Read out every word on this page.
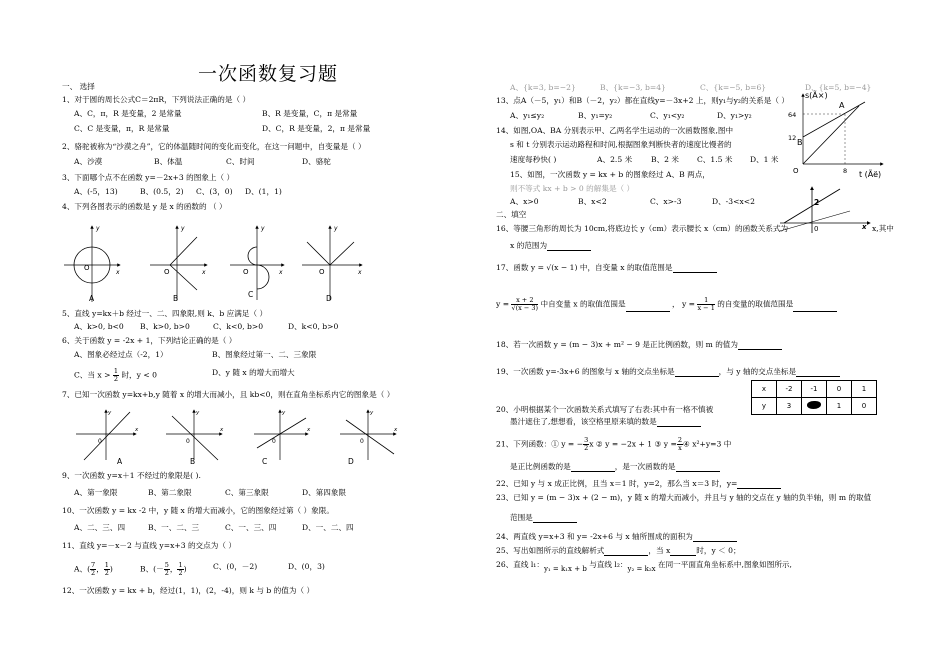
一次函数复习题
一、 选择
1、对于圆的周长公式C＝2πR，下列说法正确的是（ ）
A、C，π，R 是变量，2 是常量	B、R 是变量，C，π 是常量
C、C 是变量，π，R 是常量	D、C，R 是变量，2，π 是常量
2、骆驼被称为“沙漠之舟”，它的体温随时间的变化而变化，在这一问题中，自变量是（ ）
A、沙漠	B、体温	C、时间	D、骆驼
3、下面哪个点不在函数 y=－2x+3 的图象上（ ）
A、(-5，13)	B、(0.5，2) C、(3，0) D、(1，1)
4、下列各图表示的函数是 y 是 x 的函数的 （ ）
O
x
y
A
O	x
y
B
O	x
y
C
O	x
y
D
5、直线 y=kx＋b 经过一、二、四象限,则 k、b 应满足（ ）
A、k>0, b<0 B、k>0, b>0	C、k<0, b>0	D、k<0, b>0
6、关于函数 y = -2x + 1，下列结论正确的是（ ）
A、图象必经过点（-2，1）	B、图象经过第一、二、三象限
C、当 $x > \frac{1}{2}$ 时，y < 0	D、y 随 x 的增大而增大
7、已知一次函数 y=kx+b,y 随着 x 的增大而减小，且 kb<0，则在直角坐标系内它的图象是（ ）
0
x
y
A
0
x
y
B
0
x
y
C
0
x
y
D
9、一次函数 y=x＋1 不经过的象限是( ).
A、第一象限	B、第二象限	C、第三象限	D、第四象限
10、一次函数 y = kx -2 中，y 随 x 的增大而减小，它的图象经过第（ ）象限。
A、二、三、四	B、一、二、三	C、一、三、四	D、一、二、四
11、直线 y=－x－2 与直线 y=x+3 的交点为（ ）
A、( $\frac{7}{2}$ ， $\frac{1}{2}$ )	B、(－ $\frac{5}{2}$ ， $\frac{1}{2}$ )	C、(0，－2)	D、(0，3)
12、一次函数 y = kx + b，经过(1，1)，(2，-4)，则 k 与 b 的值为（ ）
A、{k=3, b=−2}	B、{k=−3, b=4}	C、{k=−5, b=6}	D、{k=5, b=−4}
13、点A（－5，y₁）和B（－2，y₂）都在直线y=－3x+2 上，则y₁与y₂的关系是（ ）
A、y₁≤y₂	B、y₁=y₂	C、y₁<y₂	D、y₁>y₂
14、如图,OA、BA 分别表示甲、乙两名学生运动的一次函数图象,图中
s 和 t 分别表示运动路程和时间,根据图象判断快者的速度比慢者的
速度每秒快( )	A、2.5 米 B、2 米 C、1.5 米 D、1 米
s(Ã×)
t (Ãë)
64
12
8
A
B
O
15、如图，一次函数 y = kx + b 的图象经过 A、B 两点，
则不等式 kx + b > 0 的解集是（ ）
A、x>0	B、x<2	C、x>-3	D、-3<x<2	2
x
0
二、填空
16、等腰三角形的周长为 10cm,将底边长 y（cm）表示腰长 x（cm）的函数关系式为	x,其中
x 的范围为
17、函数 y = √(x − 1) 中，自变量 x 的取值范围是
$y = \frac{x + 2}{√(x - 3)}$ 中自变量 x 的取值范围是	， $y = \frac{1}{x - 1}$ 的自变量的取值范围是
18、若一次函数 y = (m − 3)x + m² − 9 是正比例函数，则 m 的值为
19、一次函数 y=-3x+6 的图象与 x 轴的交点坐标是	，与 y 轴的交点坐标是
x	-2	-1	0	1
y	3		1	0
20、小明根据某个一次函数关系式填写了右表:其中有一格不慎被
墨汁遮住了,想想看，该空格里原来填的数是
21、下列函数：① y = − $\frac{3}{2}$ x ② y = −2x + 1 ③ $y = \frac{2}{x}$ ④ x²+y=3 中
是正比例函数的是	，是一次函数的是
22、已知 y 与 x 成正比例，且当 x＝1 时，y=2，那么当 x＝3 时，y=
23、已知 y = (m − 3)x + (2 − m)，y 随 x 的增大而减小，并且与 y 轴的交点在 y 轴的负半轴，则 m 的取值
范围是
24、两直线 y=x+3 和 y= -2x+6 与 x 轴所围成的面积为
25、写出如图所示的直线解析式	，当 x	时，y ＜ 0；
26、直线 l₁：y₁ = k₁x + b 与直线 l₂：y₂ = k₂x 在同一平面直角坐标系中,图象如图所示,
